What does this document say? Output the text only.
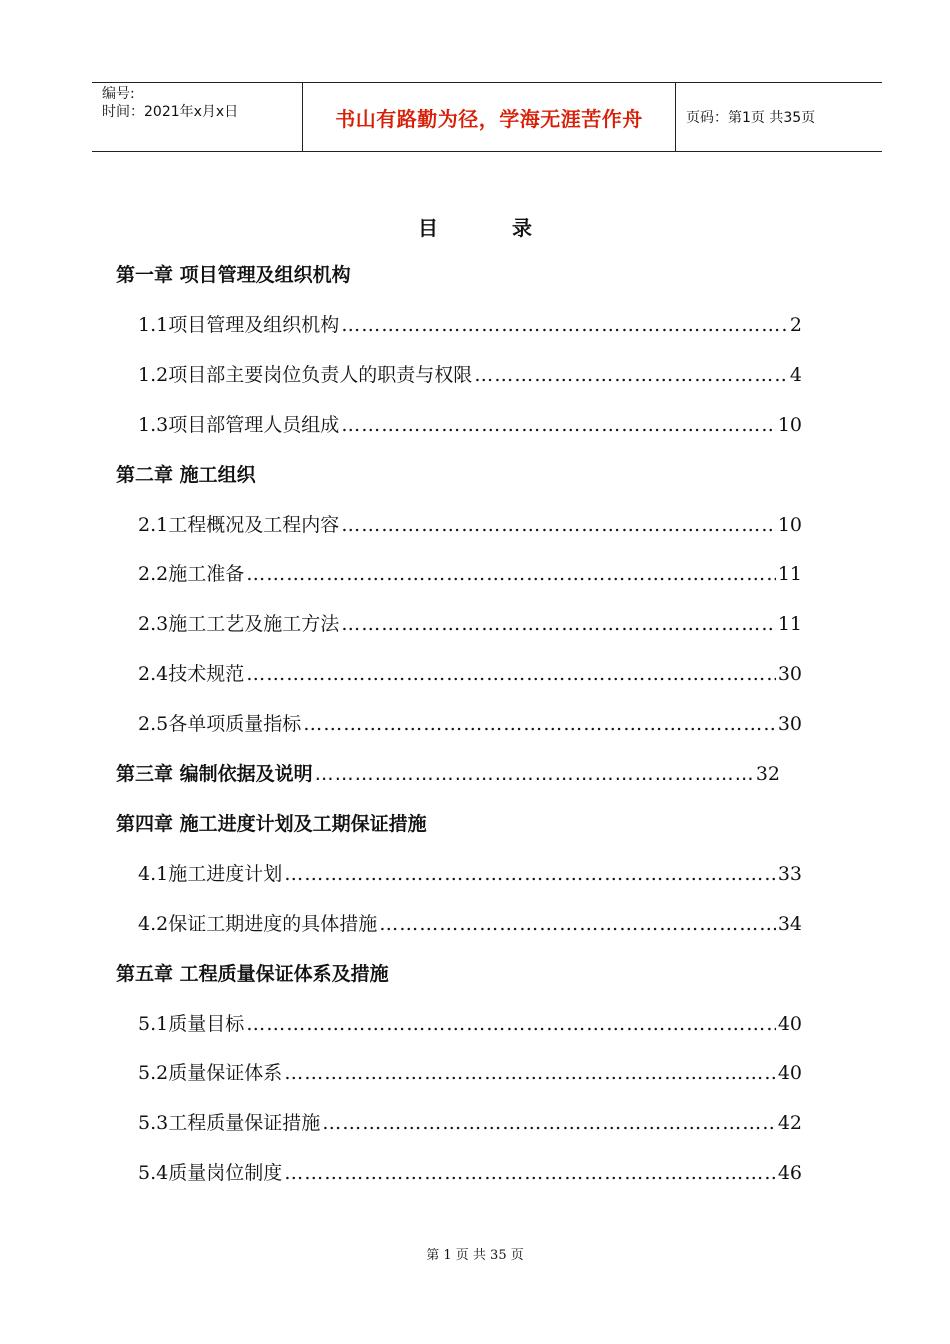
编号:
时间：2021年x月x日	书山有路勤为径，学海无涯苦作舟	页码：第1页 共35页
目	录
第一章 项目管理及组织机构
1.1项目管理及组织机构 ……………………………………………………………………………………………………………………………………………………………………	2
1.2项目部主要岗位负责人的职责与权限 ……………………………………………………………………………………………………………………………………………………………………	4
1.3项目部管理人员组成 ……………………………………………………………………………………………………………………………………………………………………	10
第二章 施工组织
2.1工程概况及工程内容 ……………………………………………………………………………………………………………………………………………………………………	10
2.2施工准备 ……………………………………………………………………………………………………………………………………………………………………	11
2.3施工工艺及施工方法 ……………………………………………………………………………………………………………………………………………………………………	11
2.4技术规范 ……………………………………………………………………………………………………………………………………………………………………	30
2.5各单项质量指标 ……………………………………………………………………………………………………………………………………………………………………	30
第三章 编制依据及说明 ……………………………………………………………………………………………………………………………………………………………………	32
第四章 施工进度计划及工期保证措施
4.1施工进度计划 ……………………………………………………………………………………………………………………………………………………………………	33
4.2保证工期进度的具体措施 ……………………………………………………………………………………………………………………………………………………………………	34
第五章 工程质量保证体系及措施
5.1质量目标 ……………………………………………………………………………………………………………………………………………………………………	40
5.2质量保证体系 ……………………………………………………………………………………………………………………………………………………………………	40
5.3工程质量保证措施 ……………………………………………………………………………………………………………………………………………………………………	42
5.4质量岗位制度 ……………………………………………………………………………………………………………………………………………………………………	46
第 1 页 共 35 页
